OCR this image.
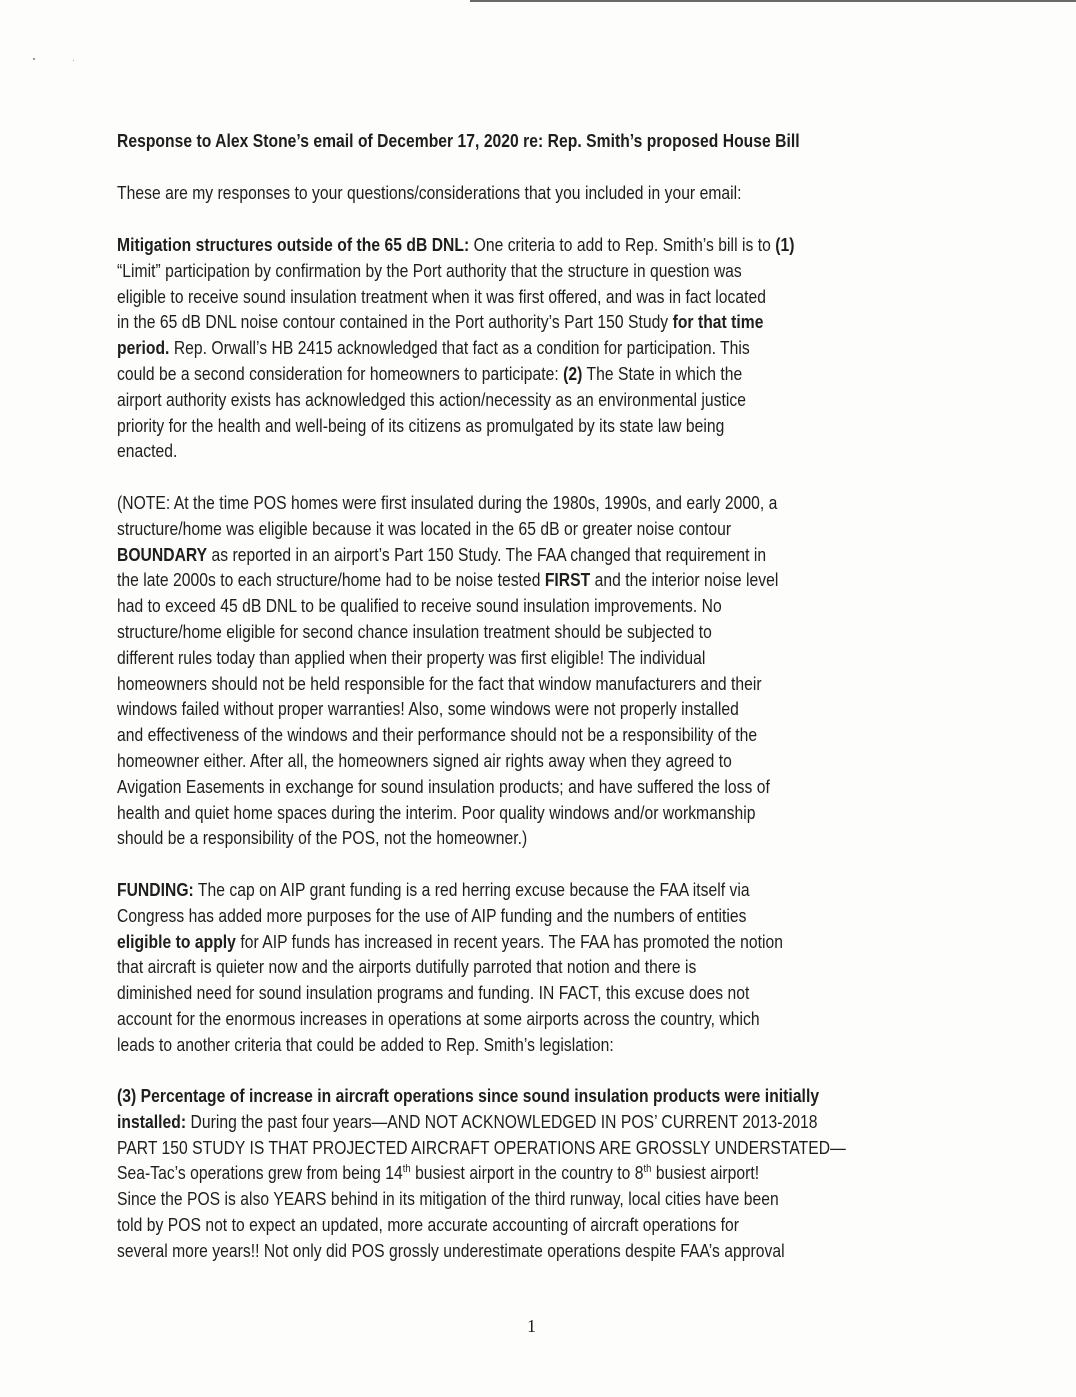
Response to Alex Stone’s email of December 17, 2020 re: Rep. Smith’s proposed House Bill
These are my responses to your questions/considerations that you included in your email:
Mitigation structures outside of the 65 dB DNL: One criteria to add to Rep. Smith’s bill is to (1)
“Limit” participation by confirmation by the Port authority that the structure in question was
eligible to receive sound insulation treatment when it was first offered, and was in fact located
in the 65 dB DNL noise contour contained in the Port authority’s Part 150 Study for that time
period. Rep. Orwall’s HB 2415 acknowledged that fact as a condition for participation. This
could be a second consideration for homeowners to participate: (2) The State in which the
airport authority exists has acknowledged this action/necessity as an environmental justice
priority for the health and well-being of its citizens as promulgated by its state law being
enacted.
(NOTE: At the time POS homes were first insulated during the 1980s, 1990s, and early 2000, a
structure/home was eligible because it was located in the 65 dB or greater noise contour
BOUNDARY as reported in an airport’s Part 150 Study. The FAA changed that requirement in
the late 2000s to each structure/home had to be noise tested FIRST and the interior noise level
had to exceed 45 dB DNL to be qualified to receive sound insulation improvements. No
structure/home eligible for second chance insulation treatment should be subjected to
different rules today than applied when their property was first eligible! The individual
homeowners should not be held responsible for the fact that window manufacturers and their
windows failed without proper warranties! Also, some windows were not properly installed
and effectiveness of the windows and their performance should not be a responsibility of the
homeowner either. After all, the homeowners signed air rights away when they agreed to
Avigation Easements in exchange for sound insulation products; and have suffered the loss of
health and quiet home spaces during the interim. Poor quality windows and/or workmanship
should be a responsibility of the POS, not the homeowner.)
FUNDING: The cap on AIP grant funding is a red herring excuse because the FAA itself via
Congress has added more purposes for the use of AIP funding and the numbers of entities
eligible to apply for AIP funds has increased in recent years. The FAA has promoted the notion
that aircraft is quieter now and the airports dutifully parroted that notion and there is
diminished need for sound insulation programs and funding. IN FACT, this excuse does not
account for the enormous increases in operations at some airports across the country, which
leads to another criteria that could be added to Rep. Smith’s legislation:
(3) Percentage of increase in aircraft operations since sound insulation products were initially
installed: During the past four years—AND NOT ACKNOWLEDGED IN POS’ CURRENT 2013-2018
PART 150 STUDY IS THAT PROJECTED AIRCRAFT OPERATIONS ARE GROSSLY UNDERSTATED—
Sea-Tac’s operations grew from being 14th busiest airport in the country to 8th busiest airport!
Since the POS is also YEARS behind in its mitigation of the third runway, local cities have been
told by POS not to expect an updated, more accurate accounting of aircraft operations for
several more years!! Not only did POS grossly underestimate operations despite FAA’s approval
1
